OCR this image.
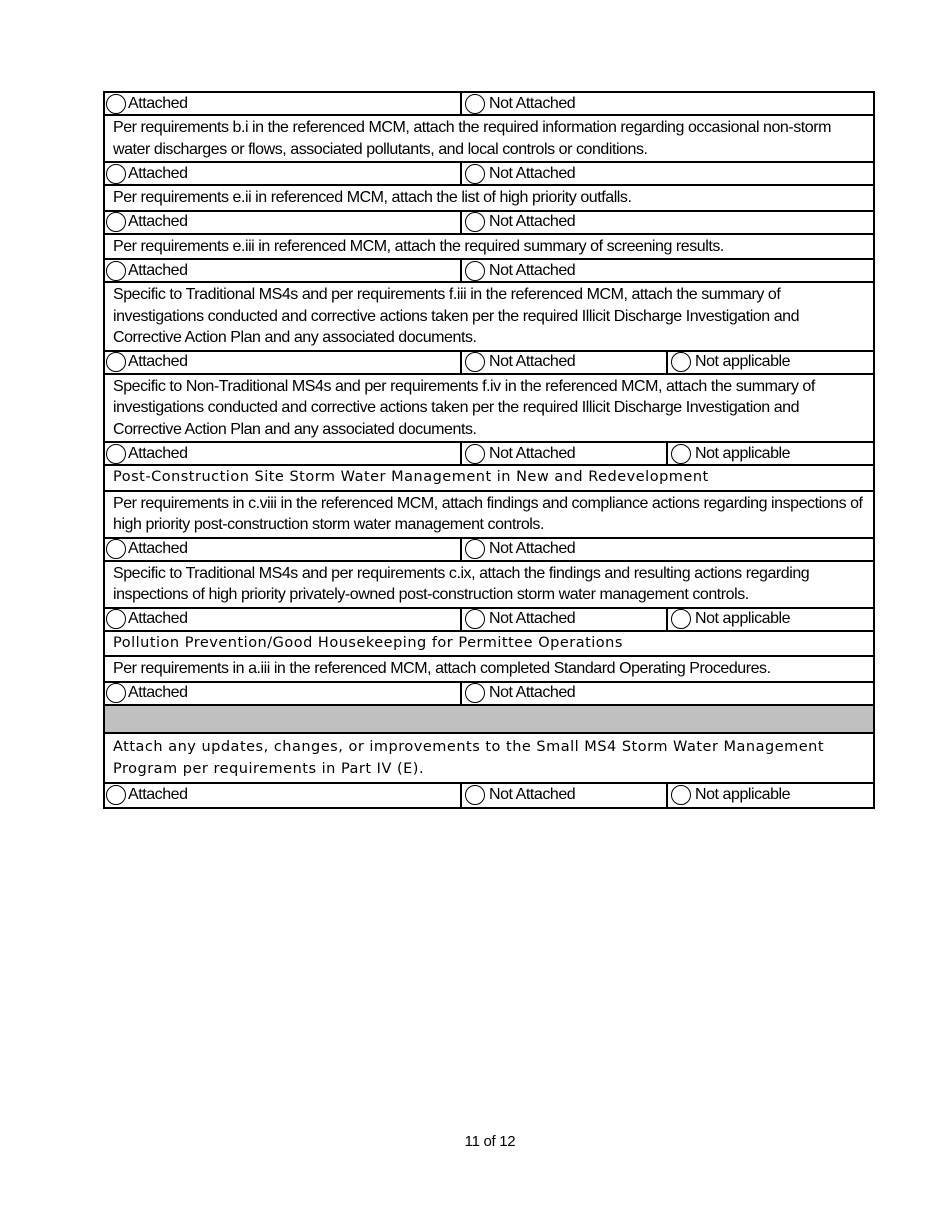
Attached	Not Attached
Per requirements b.i in the referenced MCM, attach the required information regarding occasional non-storm water discharges or flows, associated pollutants, and local controls or conditions.
Attached	Not Attached
Per requirements e.ii in referenced MCM, attach the list of high priority outfalls.
Attached	Not Attached
Per requirements e.iii in referenced MCM, attach the required summary of screening results.
Attached	Not Attached
Specific to Traditional MS4s and per requirements f.iii in the referenced MCM, attach the summary of investigations conducted and corrective actions taken per the required Illicit Discharge Investigation and Corrective Action Plan and any associated documents.
Attached	Not Attached	Not applicable
Specific to Non-Traditional MS4s and per requirements f.iv in the referenced MCM, attach the summary of investigations conducted and corrective actions taken per the required Illicit Discharge Investigation and Corrective Action Plan and any associated documents.
Attached	Not Attached	Not applicable
Post-Construction Site Storm Water Management in New and Redevelopment
Per requirements in c.viii in the referenced MCM, attach findings and compliance actions regarding inspections of high priority post-construction storm water management controls.
Attached	Not Attached
Specific to Traditional MS4s and per requirements c.ix, attach the findings and resulting actions regarding inspections of high priority privately-owned post-construction storm water management controls.
Attached	Not Attached	Not applicable
Pollution Prevention/Good Housekeeping for Permittee Operations
Per requirements in a.iii in the referenced MCM, attach completed Standard Operating Procedures.
Attached	Not Attached
Attach any updates, changes, or improvements to the Small MS4 Storm Water Management Program per requirements in Part IV (E).
Attached	Not Attached	Not applicable
11 of 12
